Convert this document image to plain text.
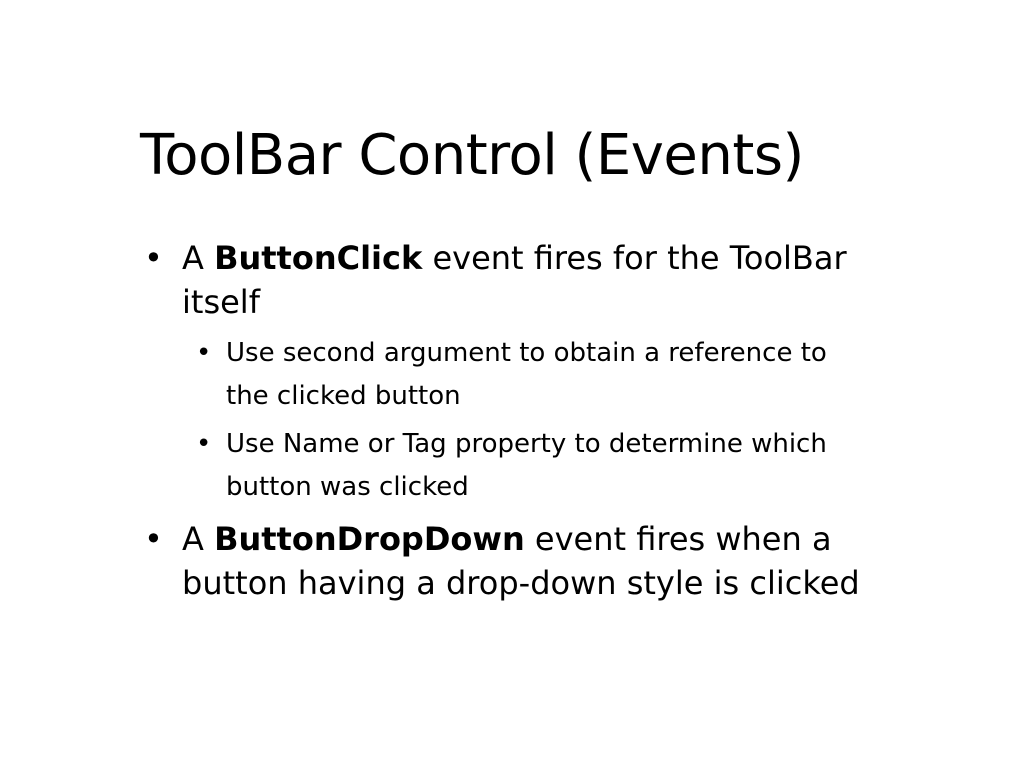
ToolBar Control (Events)
• A ButtonClick event fires for the ToolBar
itself
• Use second argument to obtain a reference to
the clicked button
• Use Name or Tag property to determine which
button was clicked
• A ButtonDropDown event fires when a
button having a drop-down style is clicked
